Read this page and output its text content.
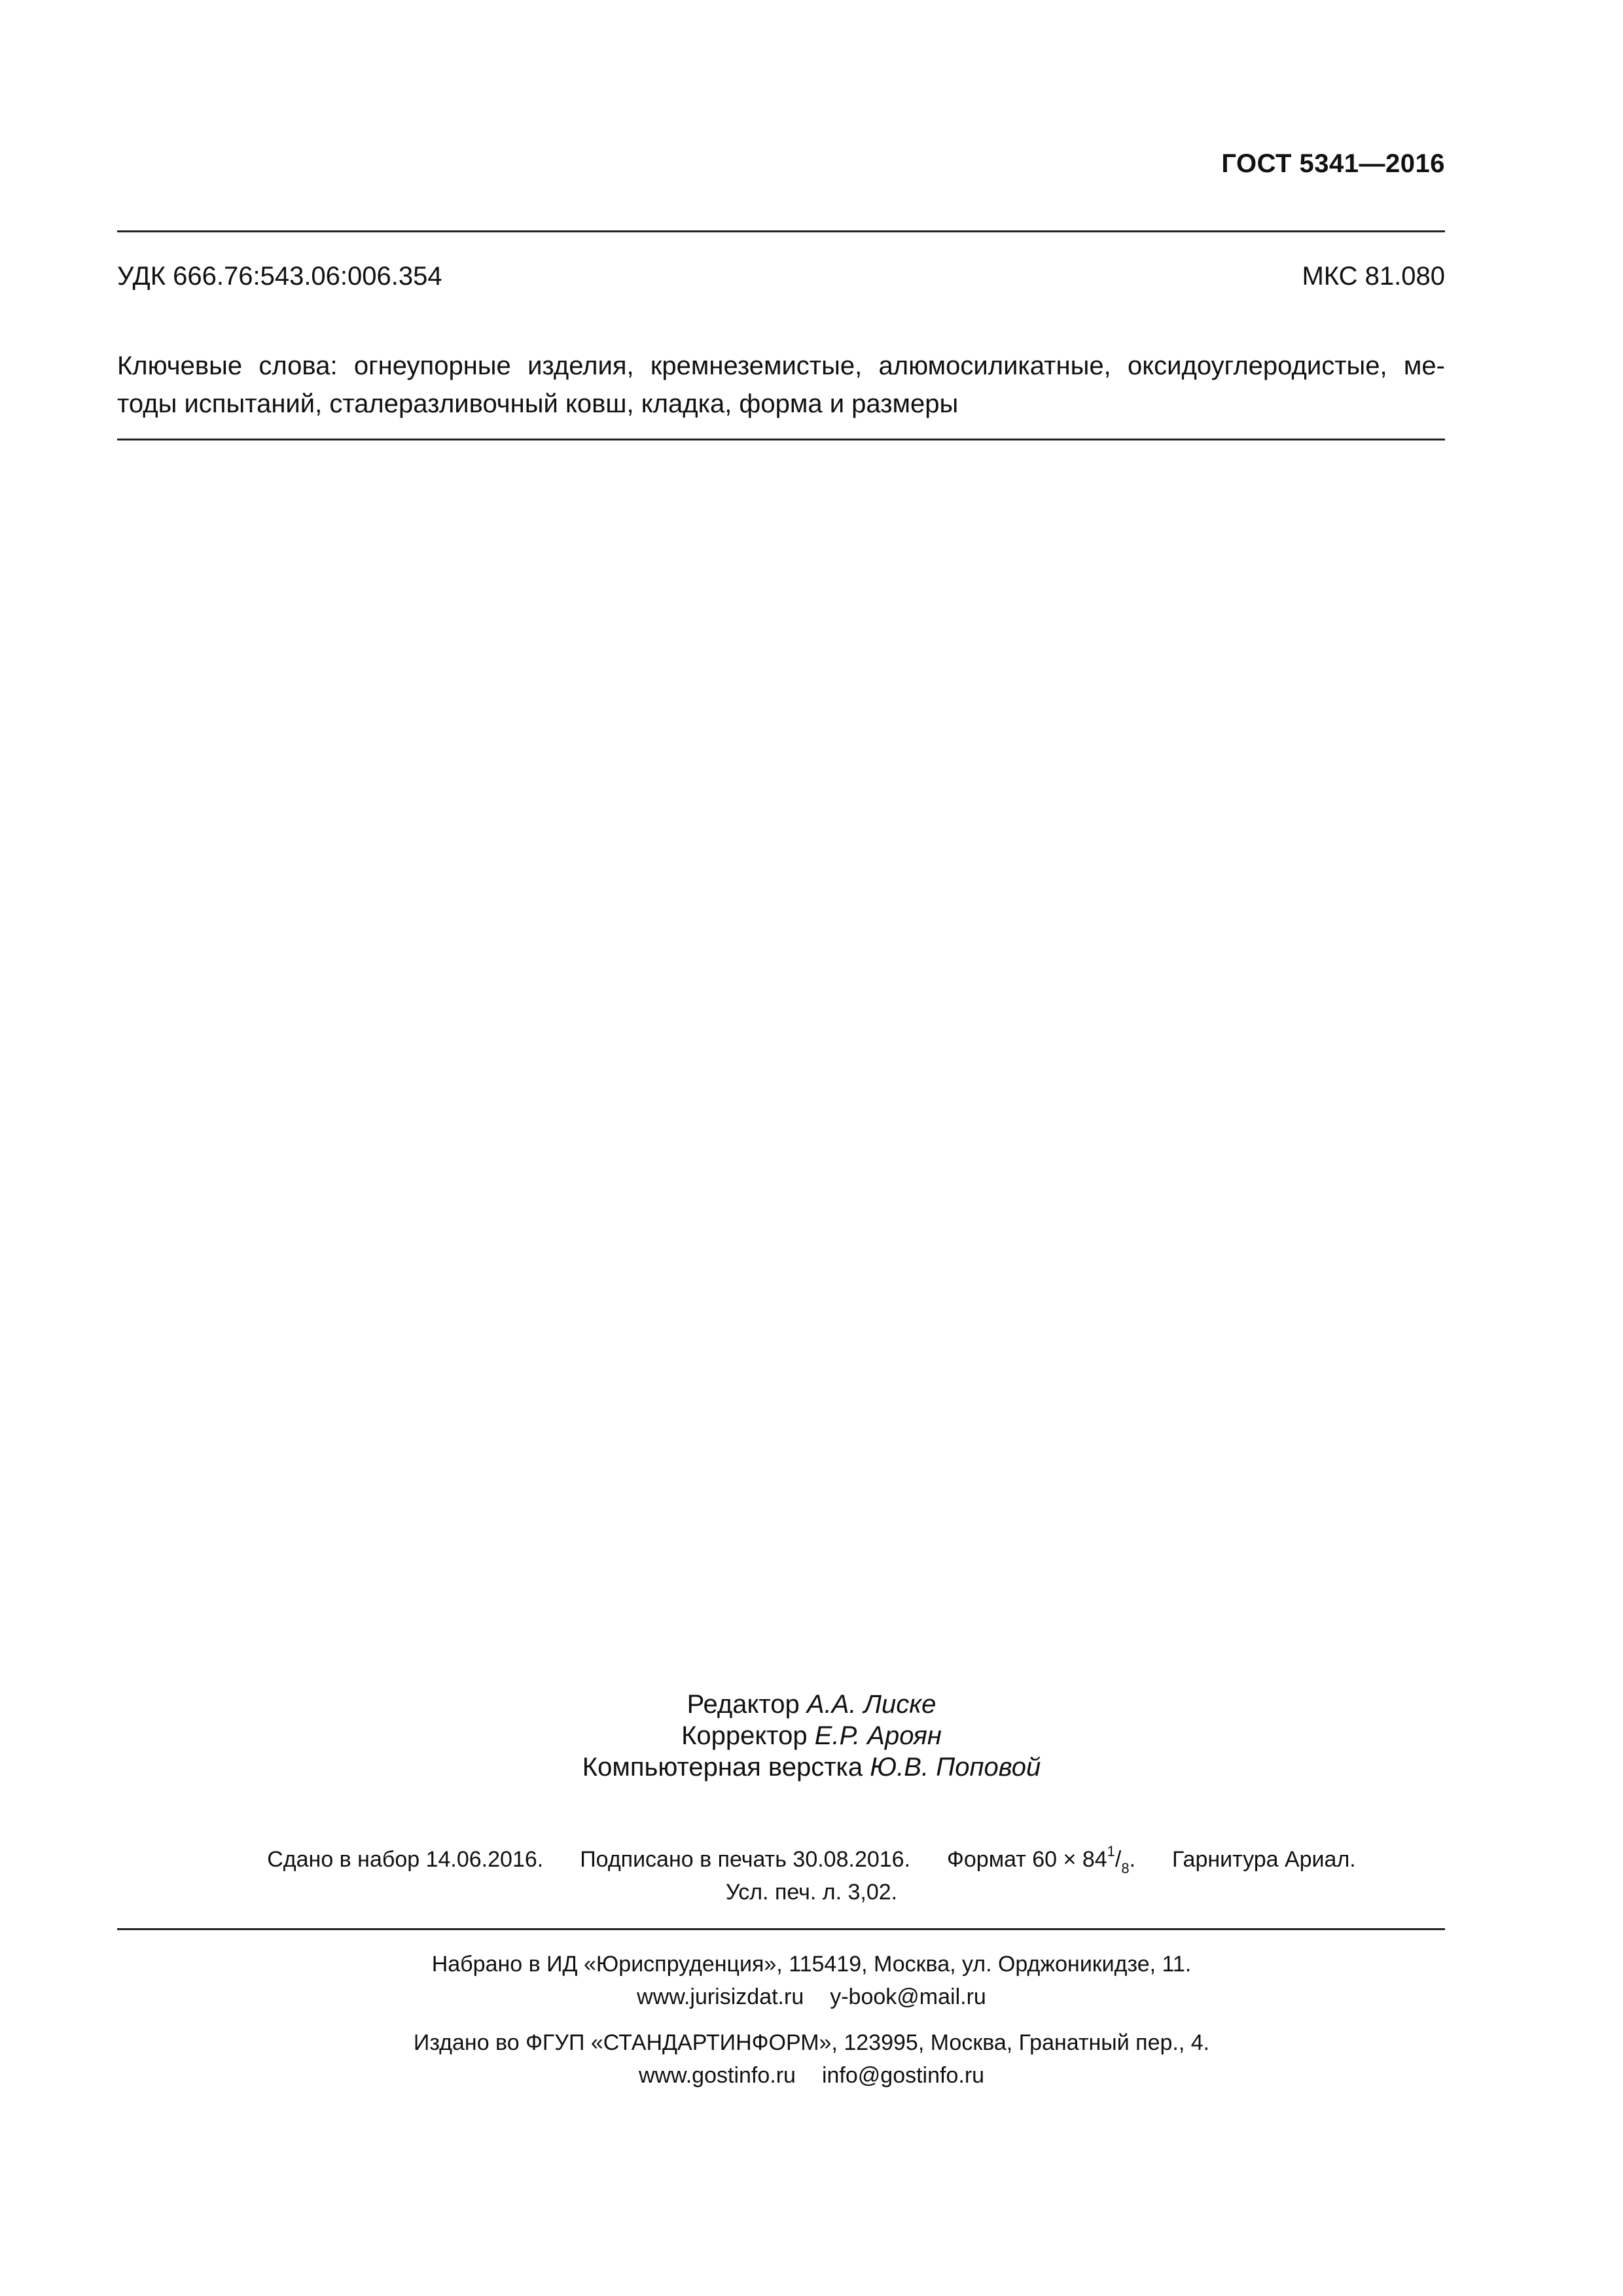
ГОСТ 5341—2016
УДК 666.76:543.06:006.354	МКС 81.080
Ключевые слова: огнеупорные изделия, кремнеземистые, алюмосиликатные, оксидоуглеродистые, ме-
тоды испытаний, сталеразливочный ковш, кладка, форма и размеры
Редактор А.А. Лиске
Корректор Е.Р. Ароян
Компьютерная верстка Ю.В. Поповой
Сдано в набор 14.06.2016. Подписано в печать 30.08.2016. Формат $60 \times 84^1/_8$. Гарнитура Ариал.
Усл. печ. л. 3,02.
Набрано в ИД «Юриспруденция», 115419, Москва, ул. Орджоникидзе, 11.
www.jurisizdat.ru y-book@mail.ru
Издано во ФГУП «СТАНДАРТИНФОРМ», 123995, Москва, Гранатный пер., 4.
www.gostinfo.ru info@gostinfo.ru
